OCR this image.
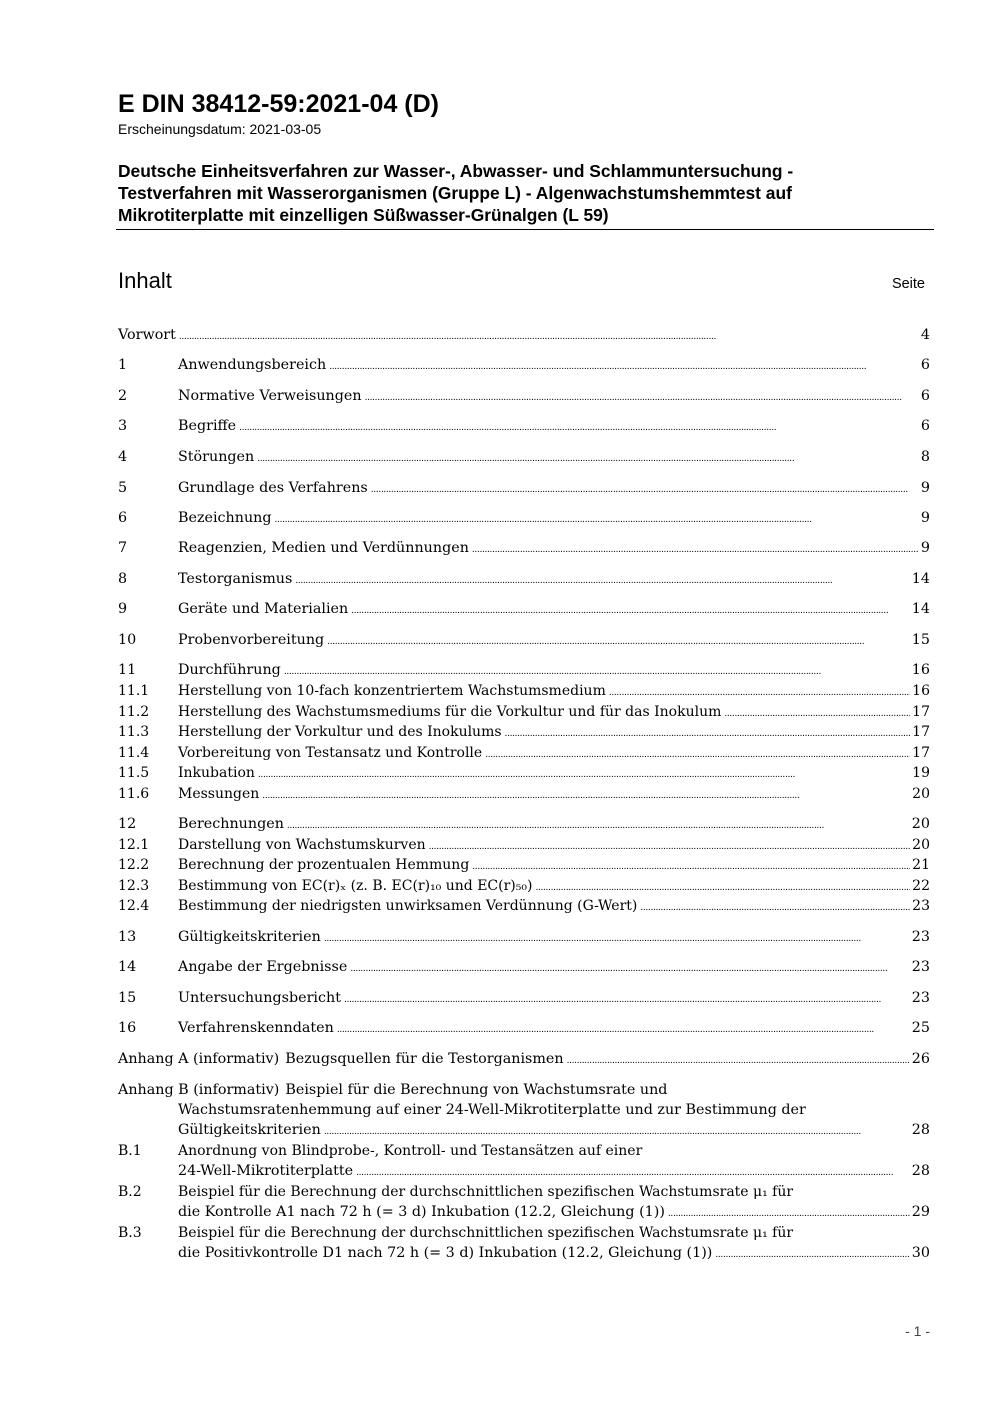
E DIN 38412-59:2021-04 (D)
Erscheinungsdatum: 2021-03-05
Deutsche Einheitsverfahren zur Wasser-, Abwasser- und Schlammuntersuchung -
Testverfahren mit Wasserorganismen (Gruppe L) - Algenwachstumshemmtest auf
Mikrotiterplatte mit einzelligen Süßwasser-Grünalgen (L 59)
Inhalt	Seite
Vorwort . . .	4
1	Anwendungsbereich . . .	6
2	Normative Verweisungen . . .	6
3	Begriffe . . .	6
4	Störungen . . .	8
5	Grundlage des Verfahrens . . .	9
6	Bezeichnung . . .	9
7	Reagenzien, Medien und Verdünnungen . . .	9
8	Testorganismus . . .	14
9	Geräte und Materialien . . .	14
10	Probenvorbereitung . . .	15
11	Durchführung . . .	16
11.1	Herstellung von 10-fach konzentriertem Wachstumsmedium . . .	16
11.2	Herstellung des Wachstumsmediums für die Vorkultur und für das Inokulum . . .	17
11.3	Herstellung der Vorkultur und des Inokulums . . .	17
11.4	Vorbereitung von Testansatz und Kontrolle . . .	17
11.5	Inkubation . . .	19
11.6	Messungen . . .	20
12	Berechnungen . . .	20
12.1	Darstellung von Wachstumskurven . . .	20
12.2	Berechnung der prozentualen Hemmung . . .	21
12.3	Bestimmung von EC(r)ₓ (z. B. EC(r)₁₀ und EC(r)₅₀) . . .	22
12.4	Bestimmung der niedrigsten unwirksamen Verdünnung (G-Wert) . . .	23
13	Gültigkeitskriterien . . .	23
14	Angabe der Ergebnisse . . .	23
15	Untersuchungsbericht . . .	23
16	Verfahrenskenndaten . . .	25
Anhang A (informativ) Bezugsquellen für die Testorganismen . . .	26
Anhang B (informativ) Beispiel für die Berechnung von Wachstumsrate und
Wachstumsratenhemmung auf einer 24-Well-Mikrotiterplatte und zur Bestimmung der
Gültigkeitskriterien . . .	28
B.1	Anordnung von Blindprobe-, Kontroll- und Testansätzen auf einer
24-Well-Mikrotiterplatte . . .	28
B.2	Beispiel für die Berechnung der durchschnittlichen spezifischen Wachstumsrate μ₁ für
die Kontrolle A1 nach 72 h (= 3 d) Inkubation (12.2, Gleichung (1)) . . .	29
B.3	Beispiel für die Berechnung der durchschnittlichen spezifischen Wachstumsrate μ₁ für
die Positivkontrolle D1 nach 72 h (= 3 d) Inkubation (12.2, Gleichung (1)) . . .	30
- 1 -
